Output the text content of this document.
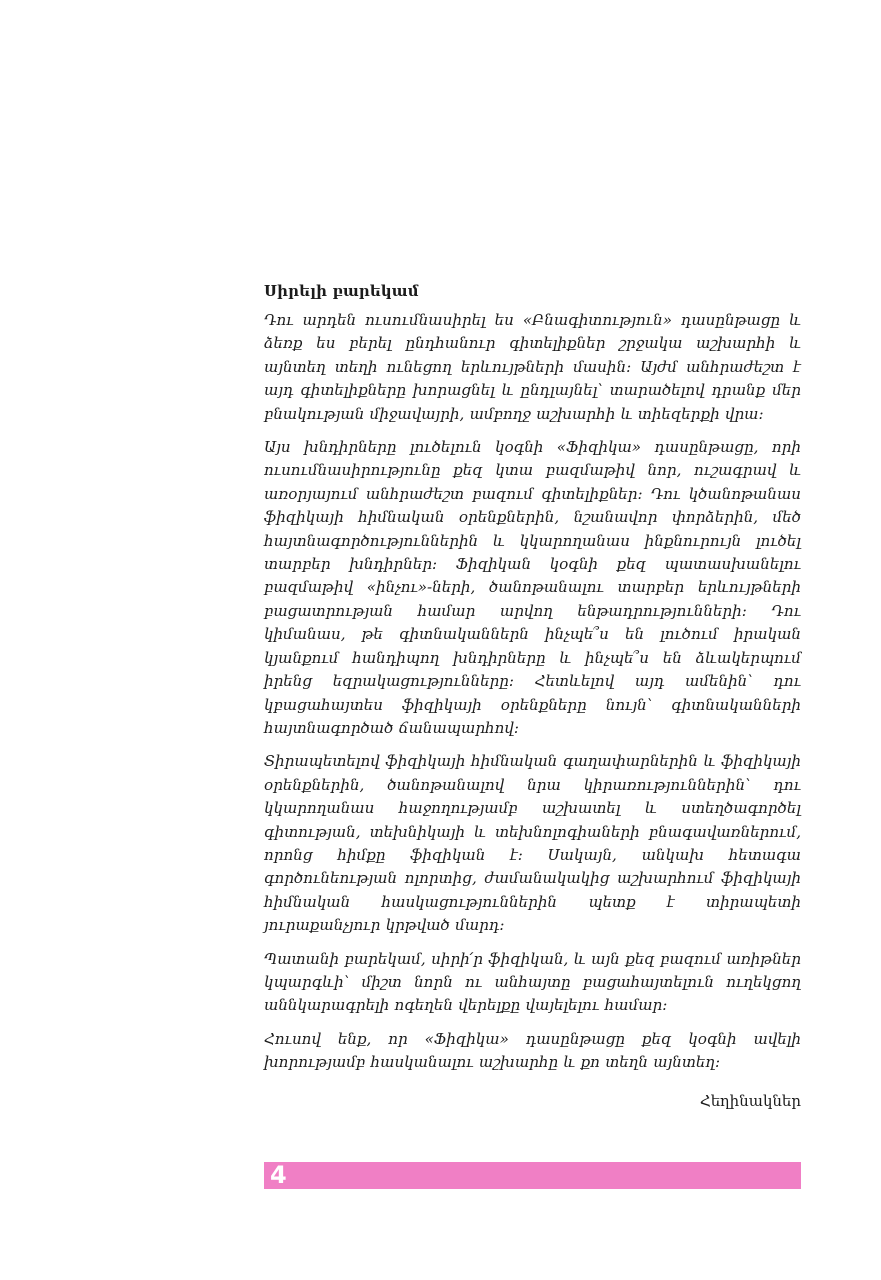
Սիրելի բարեկամ

Դու արդեն ուսումնասիրել ես «Բնագիտություն» դասընթացը և ձեռք ես բերել ընդհանուր գիտելիքներ շրջակա աշխարհի և այնտեղ տեղի ունեցող երևույթների մասին: Այժմ անհրաժեշտ է այդ գիտելիքները խորացնել և ընդլայնել՝ տարածելով դրանք մեր բնակության միջավայրի, ամբողջ աշխարհի և տիեզերքի վրա:

Այս խնդիրները լուծելուն կօգնի «Ֆիզիկա» դասընթացը, որի ուսումնասիրությունը քեզ կտա բազմաթիվ նոր, ուշագրավ և առօրյայում անհրաժեշտ բազում գիտելիքներ: Դու կծանոթանաս ֆիզիկայի հիմնական օրենքներին, նշանավոր փորձերին, մեծ հայտնագործություններին և կկարողանաս ինքնուրույն լուծել տարբեր խնդիրներ: Ֆիզիկան կօգնի քեզ պատասխանելու բազմաթիվ «ինչու»-ների, ծանոթանալու տարբեր երևույթների բացատրության համար արվող ենթադրությունների: Դու կիմանաս, թե գիտնականներն ինչպե՞ս են լուծում իրական կյանքում հանդիպող խնդիրները և ինչպե՞ս են ձևակերպում իրենց եզրակացությունները: Հետևելով այդ ամենին՝ դու կբացահայտես ֆիզիկայի օրենքները նույն՝ գիտնականների հայտնագործած ճանապարհով:

Տիրապետելով ֆիզիկայի հիմնական գաղափարներին և ֆիզիկայի օրենքներին, ծանոթանալով նրա կիրառություններին՝ դու կկարողանաս հաջողությամբ աշխատել և ստեղծագործել գիտության, տեխնիկայի և տեխնոլոգիաների բնագավառներում, որոնց հիմքը ֆիզիկան է: Սակայն, անկախ հետագա գործունեության ոլորտից, ժամանակակից աշխարհում ֆիզիկայի հիմնական հասկացություններին պետք է տիրապետի յուրաքանչյուր կրթված մարդ:

Պատանի բարեկամ, սիրի՛ր ֆիզիկան, և այն քեզ բազում առիթներ կպարգևի՝ միշտ նորն ու անհայտը բացահայտելուն ուղեկցող աննկարագրելի ոգեղեն վերելքը վայելելու համար:

Հուսով ենք, որ «Ֆիզիկա» դասընթացը քեզ կօգնի ավելի խորությամբ հասկանալու աշխարհը և քո տեղն այնտեղ:

Հեղինակներ
4
